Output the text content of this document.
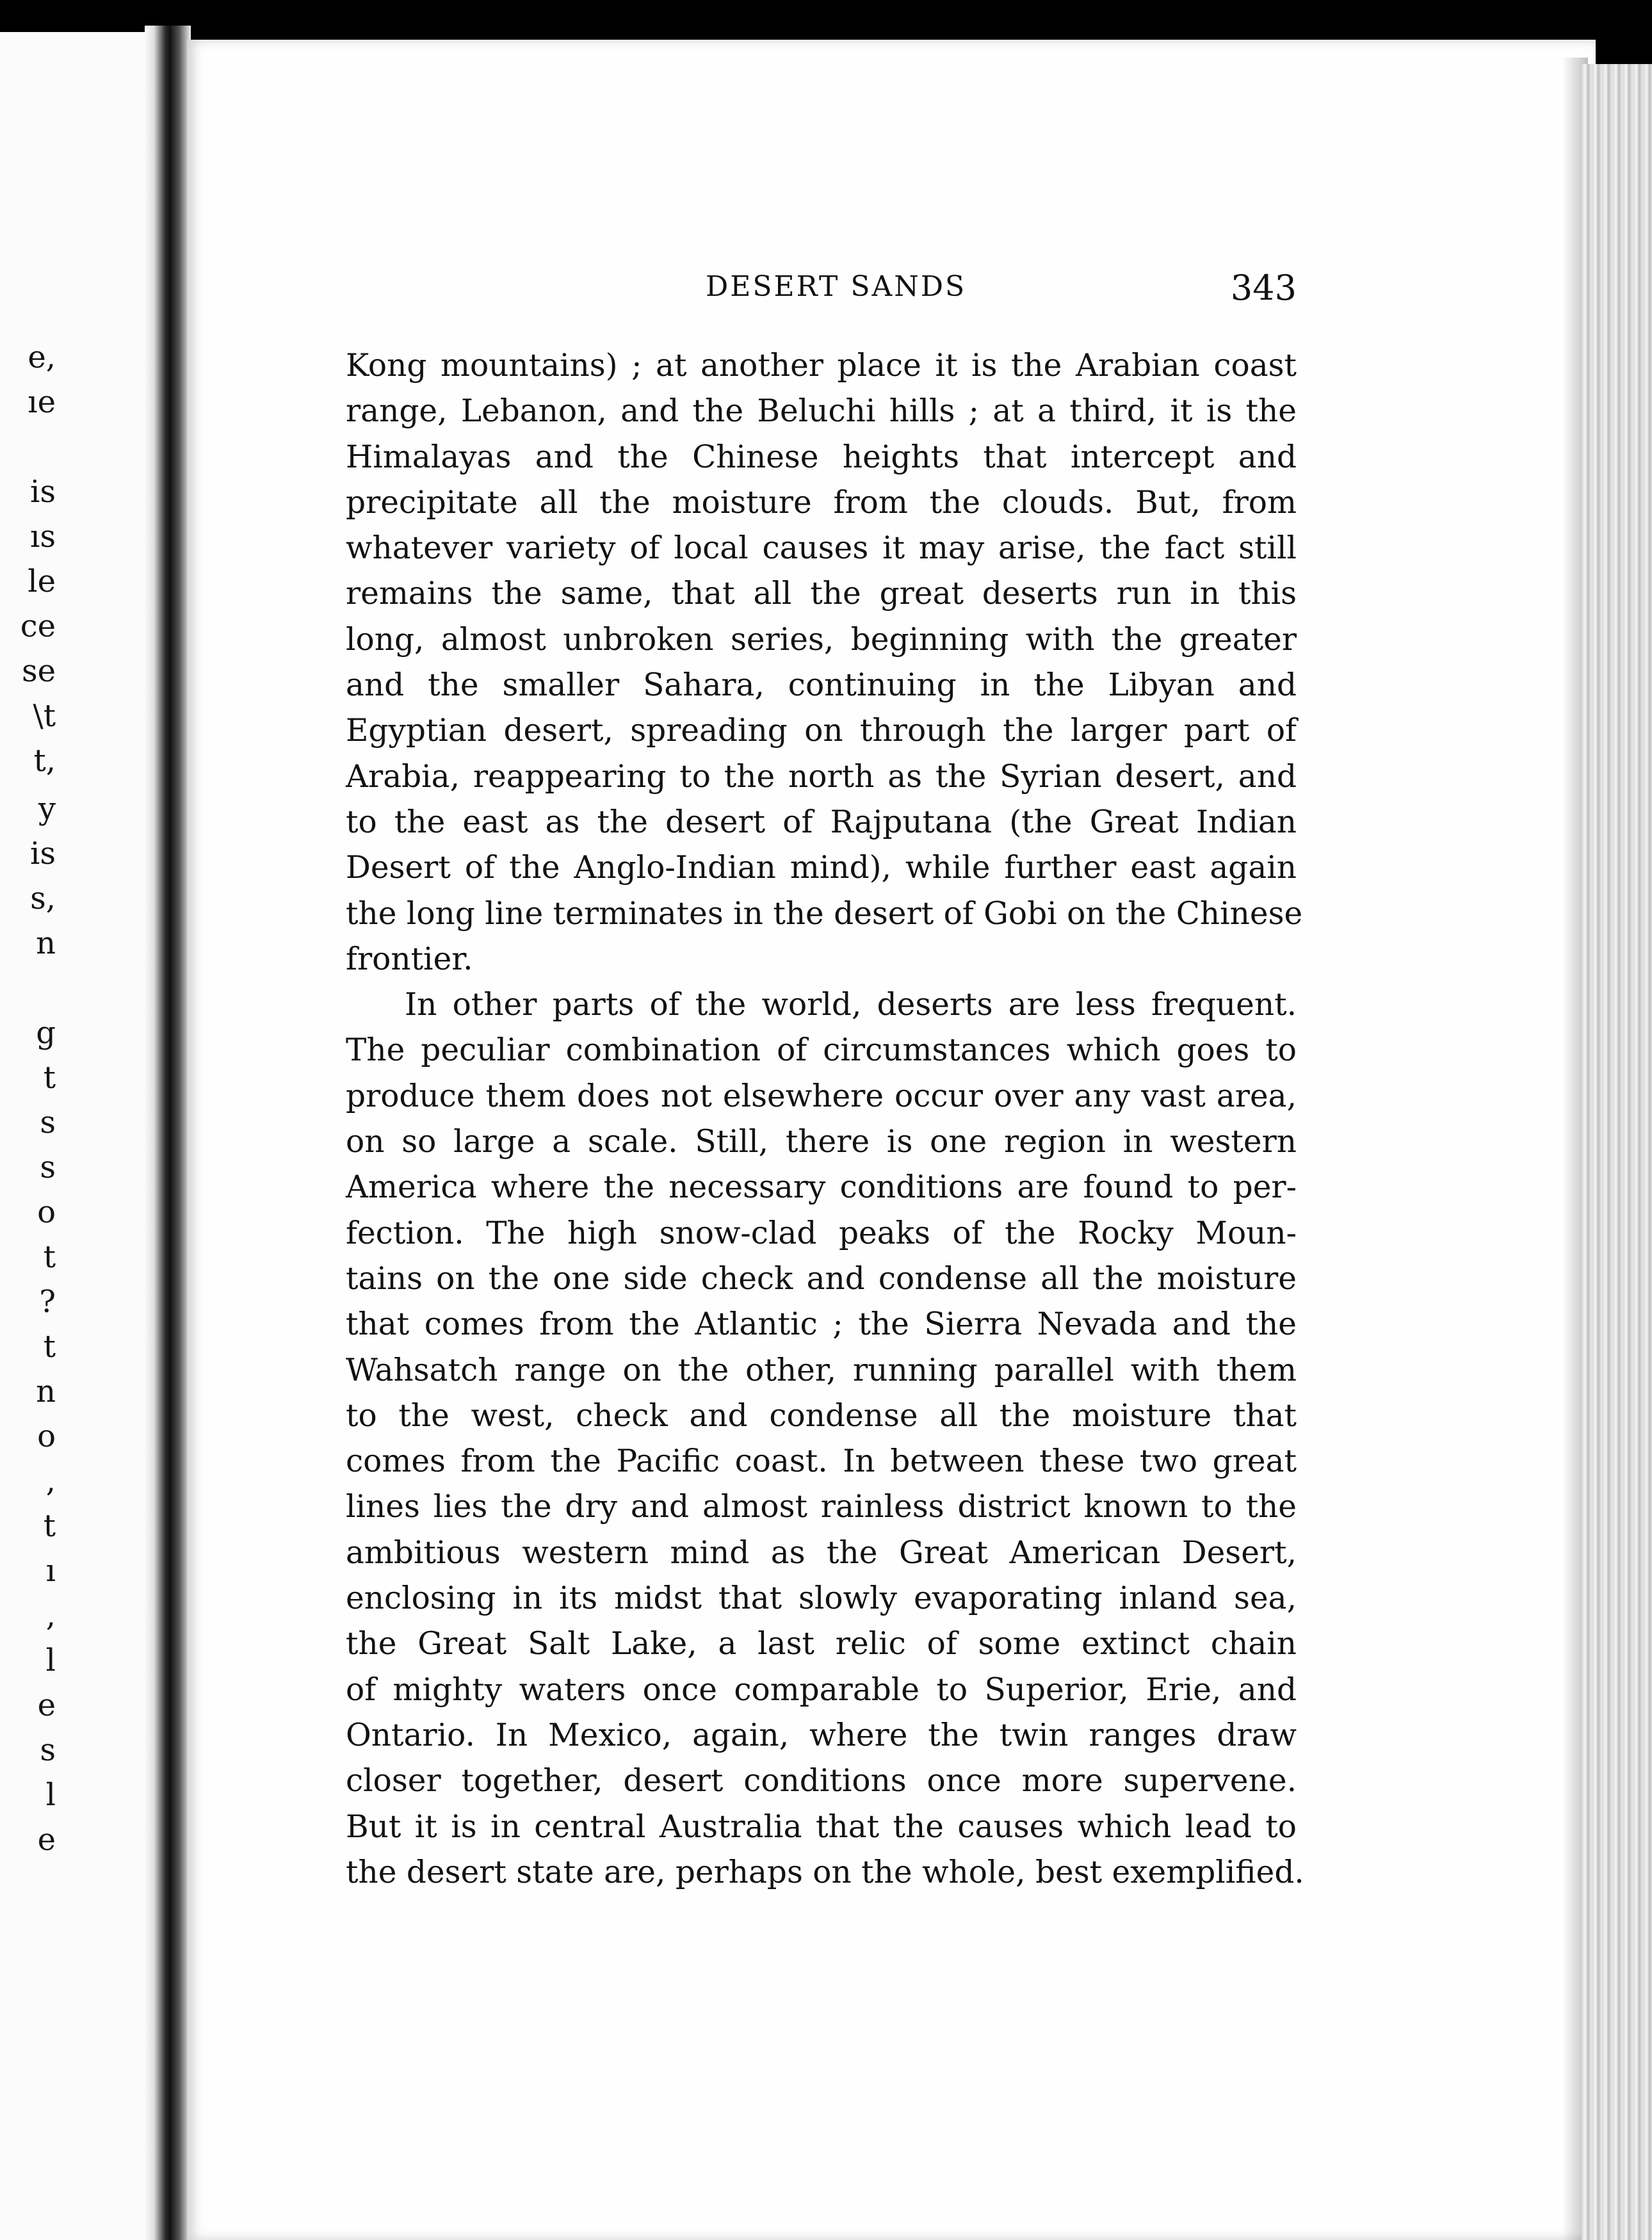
e,
ıe
is
ıs
le
ce
se
\t
t,
y
is
s,
n
g
t
s
s
o
t
?
t
n
o
,
t
ı
,
l
e
s
l
e
DESERT SANDS	343
Kong mountains) ; at another place it is the Arabian coast
range, Lebanon, and the Beluchi hills ; at a third, it is the
Himalayas and the Chinese heights that intercept and
precipitate all the moisture from the clouds. But, from
whatever variety of local causes it may arise, the fact still
remains the same, that all the great deserts run in this
long, almost unbroken series, beginning with the greater
and the smaller Sahara, continuing in the Libyan and
Egyptian desert, spreading on through the larger part of
Arabia, reappearing to the north as the Syrian desert, and
to the east as the desert of Rajputana (the Great Indian
Desert of the Anglo-Indian mind), while further east again
the long line terminates in the desert of Gobi on the Chinese
frontier.
In other parts of the world, deserts are less frequent.
The peculiar combination of circumstances which goes to
produce them does not elsewhere occur over any vast area,
on so large a scale. Still, there is one region in western
America where the necessary conditions are found to per-
fection. The high snow-clad peaks of the Rocky Moun-
tains on the one side check and condense all the moisture
that comes from the Atlantic ; the Sierra Nevada and the
Wahsatch range on the other, running parallel with them
to the west, check and condense all the moisture that
comes from the Pacific coast. In between these two great
lines lies the dry and almost rainless district known to the
ambitious western mind as the Great American Desert,
enclosing in its midst that slowly evaporating inland sea,
the Great Salt Lake, a last relic of some extinct chain
of mighty waters once comparable to Superior, Erie, and
Ontario. In Mexico, again, where the twin ranges draw
closer together, desert conditions once more supervene.
But it is in central Australia that the causes which lead to
the desert state are, perhaps on the whole, best exemplified.
